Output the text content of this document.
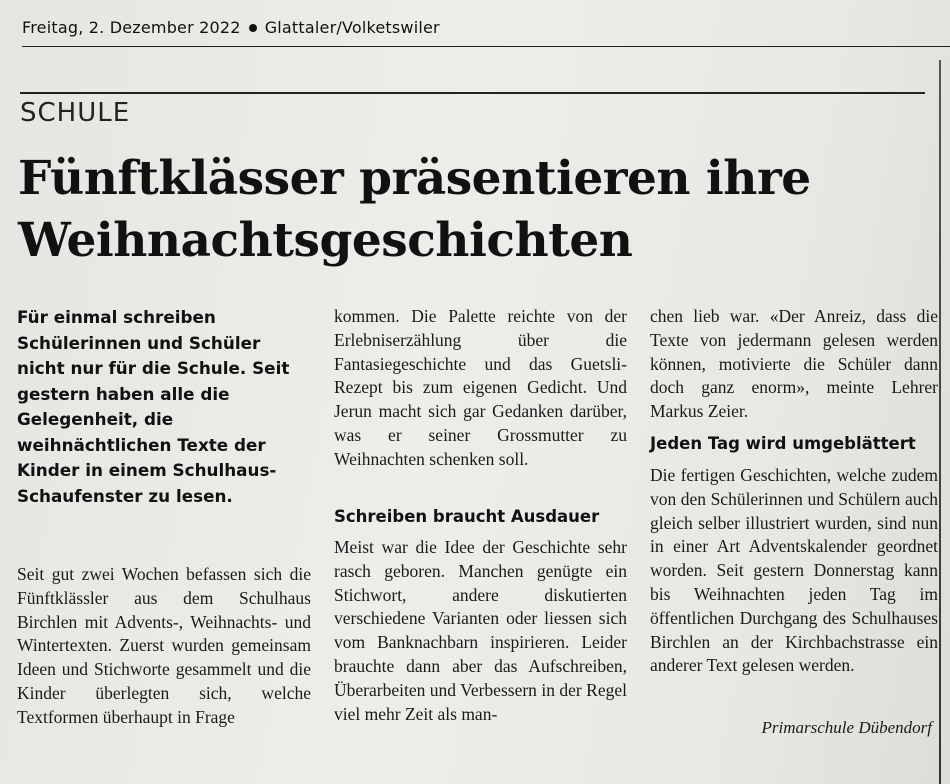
Freitag, 2. Dezember 2022 Glattaler/Volketswiler
SCHULE
Fünftklässer präsentieren ihre Weihnachtsgeschichten

Für einmal schreiben Schülerinnen und Schüler nicht nur für die Schule. Seit gestern haben alle die Gelegenheit, die weihnächtlichen Texte der Kinder in einem Schulhaus-Schaufenster zu lesen.

Seit gut zwei Wochen befassen sich die Fünftklässler aus dem Schulhaus Birchlen mit Advents-, Weihnachts- und Wintertexten. Zuerst wurden gemeinsam Ideen und Stichworte gesammelt und die Kinder überlegten sich, welche Textformen überhaupt in Frage

kommen. Die Palette reichte von der Erlebniserzählung über die Fantasiegeschichte und das Guetsli-Rezept bis zum eigenen Gedicht. Und Jerun macht sich gar Gedanken darüber, was er seiner Grossmutter zu Weihnachten schenken soll.

Schreiben braucht Ausdauer

Meist war die Idee der Geschichte sehr rasch geboren. Manchen genügte ein Stichwort, andere diskutierten verschiedene Varianten oder liessen sich vom Banknachbarn inspirieren. Leider brauchte dann aber das Aufschreiben, Überarbeiten und Verbessern in der Regel viel mehr Zeit als man-

chen lieb war. «Der Anreiz, dass die Texte von jedermann gelesen werden können, motivierte die Schüler dann doch ganz enorm», meinte Lehrer Markus Zeier.

Jeden Tag wird umgeblättert

Die fertigen Geschichten, welche zudem von den Schülerinnen und Schülern auch gleich selber illustriert wurden, sind nun in einer Art Adventskalender geordnet worden. Seit gestern Donnerstag kann bis Weihnachten jeden Tag im öffentlichen Durchgang des Schulhauses Birchlen an der Kirchbachstrasse ein anderer Text gelesen werden.

Primarschule Dübendorf
